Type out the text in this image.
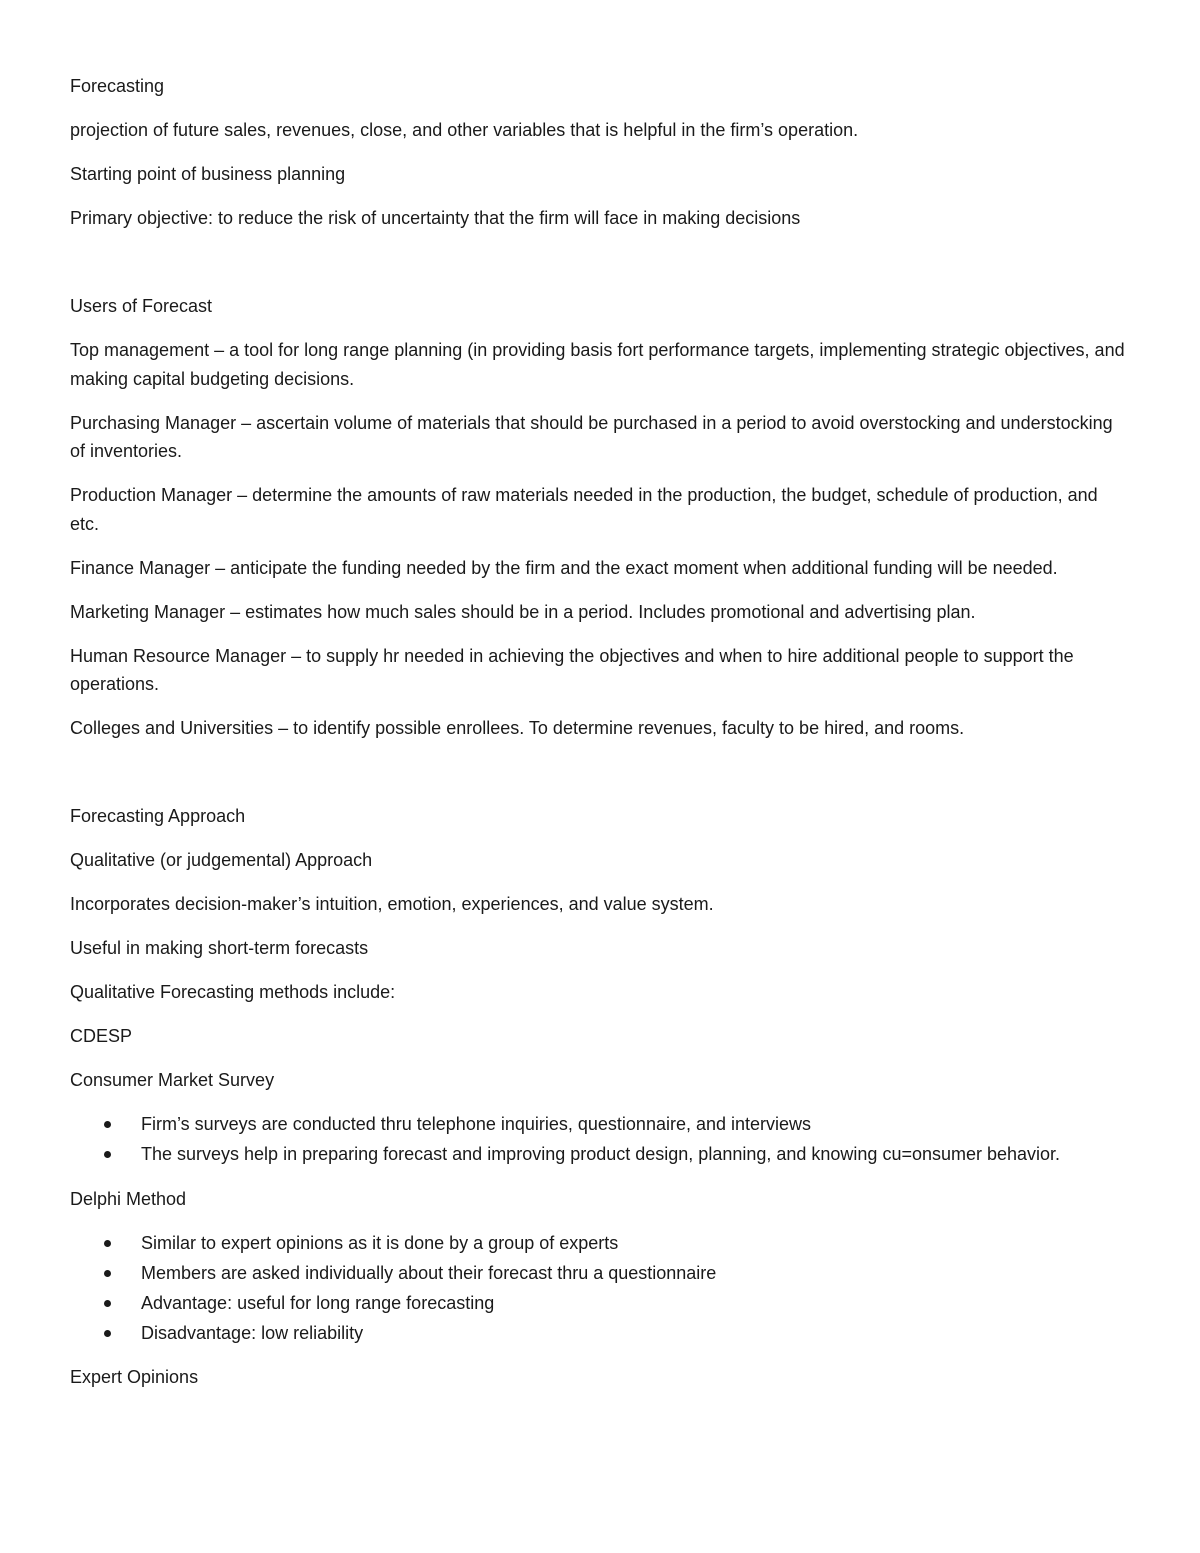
Forecasting

projection of future sales, revenues, close, and other variables that is helpful in the firm’s operation.

Starting point of business planning

Primary objective: to reduce the risk of uncertainty that the firm will face in making decisions

Users of Forecast

Top management – a tool for long range planning (in providing basis fort performance targets, implementing strategic objectives, and making capital budgeting decisions.

Purchasing Manager – ascertain volume of materials that should be purchased in a period to avoid overstocking and understocking of inventories.

Production Manager – determine the amounts of raw materials needed in the production, the budget, schedule of production, and etc.

Finance Manager – anticipate the funding needed by the firm and the exact moment when additional funding will be needed.

Marketing Manager – estimates how much sales should be in a period. Includes promotional and advertising plan.

Human Resource Manager – to supply hr needed in achieving the objectives and when to hire additional people to support the operations.

Colleges and Universities – to identify possible enrollees. To determine revenues, faculty to be hired, and rooms.

Forecasting Approach

Qualitative (or judgemental) Approach

Incorporates decision-maker’s intuition, emotion, experiences, and value system.

Useful in making short-term forecasts

Qualitative Forecasting methods include:

CDESP

Consumer Market Survey

Firm’s surveys are conducted thru telephone inquiries, questionnaire, and interviews
The surveys help in preparing forecast and improving product design, planning, and knowing cu=onsumer behavior.

Delphi Method

Similar to expert opinions as it is done by a group of experts
Members are asked individually about their forecast thru a questionnaire
Advantage: useful for long range forecasting
Disadvantage: low reliability

Expert Opinions
